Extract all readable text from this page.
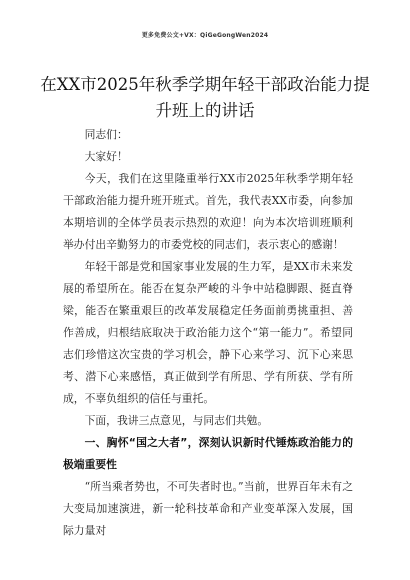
更多免费公文+VX：QiGeGongWen2024
在XX市2025年秋季学期年轻干部政治能力提升班上的讲话

同志们：

大家好！

今天，我们在这里隆重举行XX市2025年秋季学期年轻干部政治能力提升班开班式。首先，我代表XX市委，向参加本期培训的全体学员表示热烈的欢迎！向为本次培训班顺利举办付出辛勤努力的市委党校的同志们，表示衷心的感谢！

年轻干部是党和国家事业发展的生力军，是XX市未来发展的希望所在。能否在复杂严峻的斗争中站稳脚跟、挺直脊梁，能否在繁重艰巨的改革发展稳定任务面前勇挑重担、善作善成，归根结底取决于政治能力这个“第一能力”。希望同志们珍惜这次宝贵的学习机会，静下心来学习、沉下心来思考、潜下心来感悟，真正做到学有所思、学有所获、学有所成，不辜负组织的信任与重托。

下面，我讲三点意见，与同志们共勉。

一、胸怀“国之大者”，深刻认识新时代锤炼政治能力的极端重要性

“所当乘者势也，不可失者时也。”当前，世界百年未有之大变局加速演进，新一轮科技革命和产业变革深入发展，国际力量对
